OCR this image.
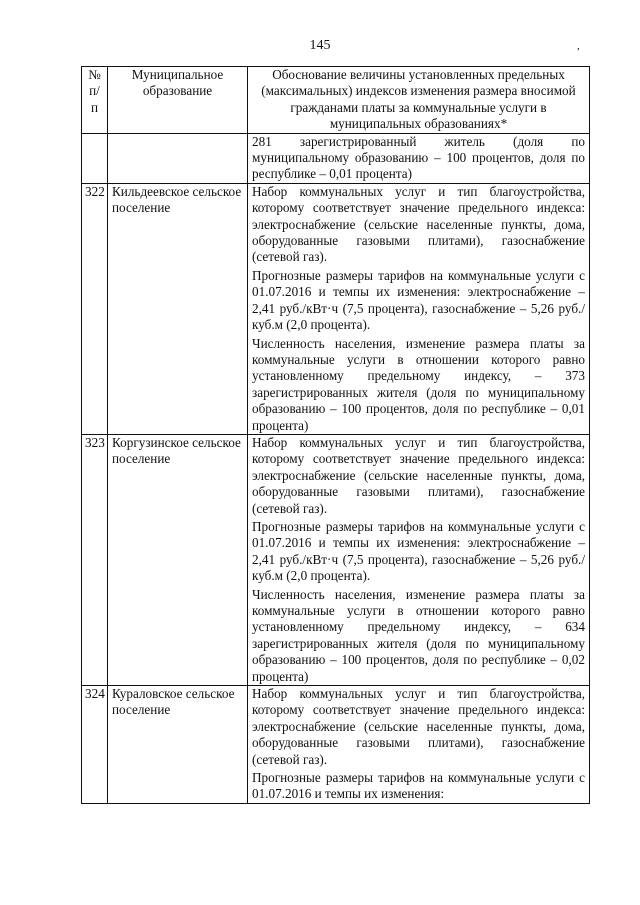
145	,
№ п/п	Муниципальное образование	Обоснование величины установленных предельных (максимальных) индексов изменения размера вносимой гражданами платы за коммунальные услуги в муниципальных образованиях*

		281 зарегистрированный житель (доля по муниципальному образованию – 100 процентов, доля по республике – 0,01 процента)

322	Кильдеевское сельское поселение	Набор коммунальных услуг и тип благоустройства, которому соответствует значение предельного индекса: электроснабжение (сельские населенные пункты, дома, оборудованные газовыми плитами), газоснабжение (сетевой газ).

Прогнозные размеры тарифов на коммунальные услуги с 01.07.2016 и темпы их изменения: электроснабжение – 2,41 руб./кВт·ч (7,5 процента), газоснабжение – 5,26 руб./куб.м (2,0 процента).

Численность населения, изменение размера платы за коммунальные услуги в отношении которого равно установленному предельному индексу, – 373 зарегистрированных жителя (доля по муниципальному образованию – 100 процентов, доля по республике – 0,01 процента)

323	Коргузинское сельское поселение	Набор коммунальных услуг и тип благоустройства, которому соответствует значение предельного индекса: электроснабжение (сельские населенные пункты, дома, оборудованные газовыми плитами), газоснабжение (сетевой газ).

Прогнозные размеры тарифов на коммунальные услуги с 01.07.2016 и темпы их изменения: электроснабжение – 2,41 руб./кВт·ч (7,5 процента), газоснабжение – 5,26 руб./куб.м (2,0 процента).

Численность населения, изменение размера платы за коммунальные услуги в отношении которого равно установленному предельному индексу, – 634 зарегистрированных жителя (доля по муниципальному образованию – 100 процентов, доля по республике – 0,02 процента)

324	Кураловское сельское поселение	Набор коммунальных услуг и тип благоустройства, которому соответствует значение предельного индекса: электроснабжение (сельские населенные пункты, дома, оборудованные газовыми плитами), газоснабжение (сетевой газ).

Прогнозные размеры тарифов на коммунальные услуги с 01.07.2016 и темпы их изменения:
